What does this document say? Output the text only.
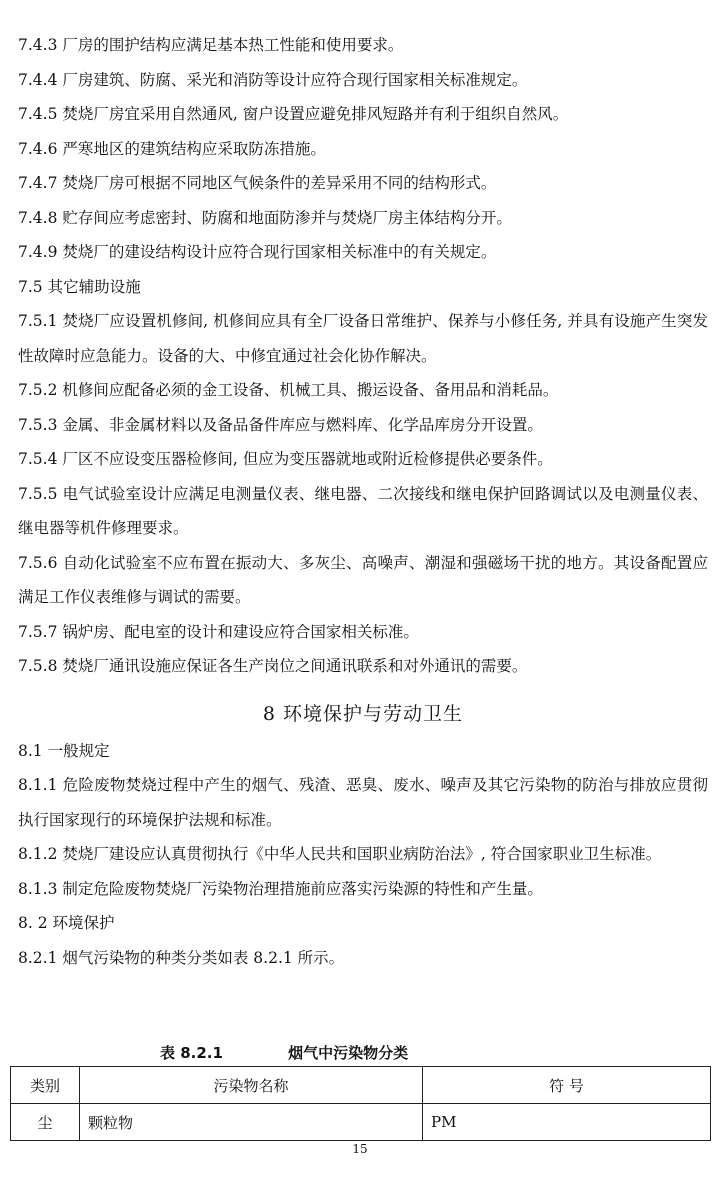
7.4.3 厂房的围护结构应满足基本热工性能和使用要求。

7.4.4 厂房建筑、防腐、采光和消防等设计应符合现行国家相关标准规定。

7.4.5 焚烧厂房宜采用自然通风, 窗户设置应避免排风短路并有利于组织自然风。

7.4.6 严寒地区的建筑结构应采取防冻措施。

7.4.7 焚烧厂房可根据不同地区气候条件的差异采用不同的结构形式。

7.4.8 贮存间应考虑密封、防腐和地面防渗并与焚烧厂房主体结构分开。

7.4.9 焚烧厂的建设结构设计应符合现行国家相关标准中的有关规定。

7.5 其它辅助设施

7.5.1 焚烧厂应设置机修间, 机修间应具有全厂设备日常维护、保养与小修任务, 并具有设施产生突发性故障时应急能力。设备的大、中修宜通过社会化协作解决。

7.5.2 机修间应配备必须的金工设备、机械工具、搬运设备、备用品和消耗品。

7.5.3 金属、非金属材料以及备品备件库应与燃料库、化学品库房分开设置。

7.5.4 厂区不应设变压器检修间, 但应为变压器就地或附近检修提供必要条件。

7.5.5 电气试验室设计应满足电测量仪表、继电器、二次接线和继电保护回路调试以及电测量仪表、继电器等机件修理要求。

7.5.6 自动化试验室不应布置在振动大、多灰尘、高噪声、潮湿和强磁场干扰的地方。其设备配置应满足工作仪表维修与调试的需要。

7.5.7 锅炉房、配电室的设计和建设应符合国家相关标准。

7.5.8 焚烧厂通讯设施应保证各生产岗位之间通讯联系和对外通讯的需要。

8 环境保护与劳动卫生

8.1 一般规定

8.1.1 危险废物焚烧过程中产生的烟气、残渣、恶臭、废水、噪声及其它污染物的防治与排放应贯彻执行国家现行的环境保护法规和标准。

8.1.2 焚烧厂建设应认真贯彻执行《中华人民共和国职业病防治法》, 符合国家职业卫生标准。

8.1.3 制定危险废物焚烧厂污染物治理措施前应落实污染源的特性和产生量。

8. 2 环境保护

8.2.1 烟气污染物的种类分类如表 8.2.1 所示。

表 8.2.1	烟气中污染物分类
类别	污染物名称	符 号
尘	颗粒物	PM
15
